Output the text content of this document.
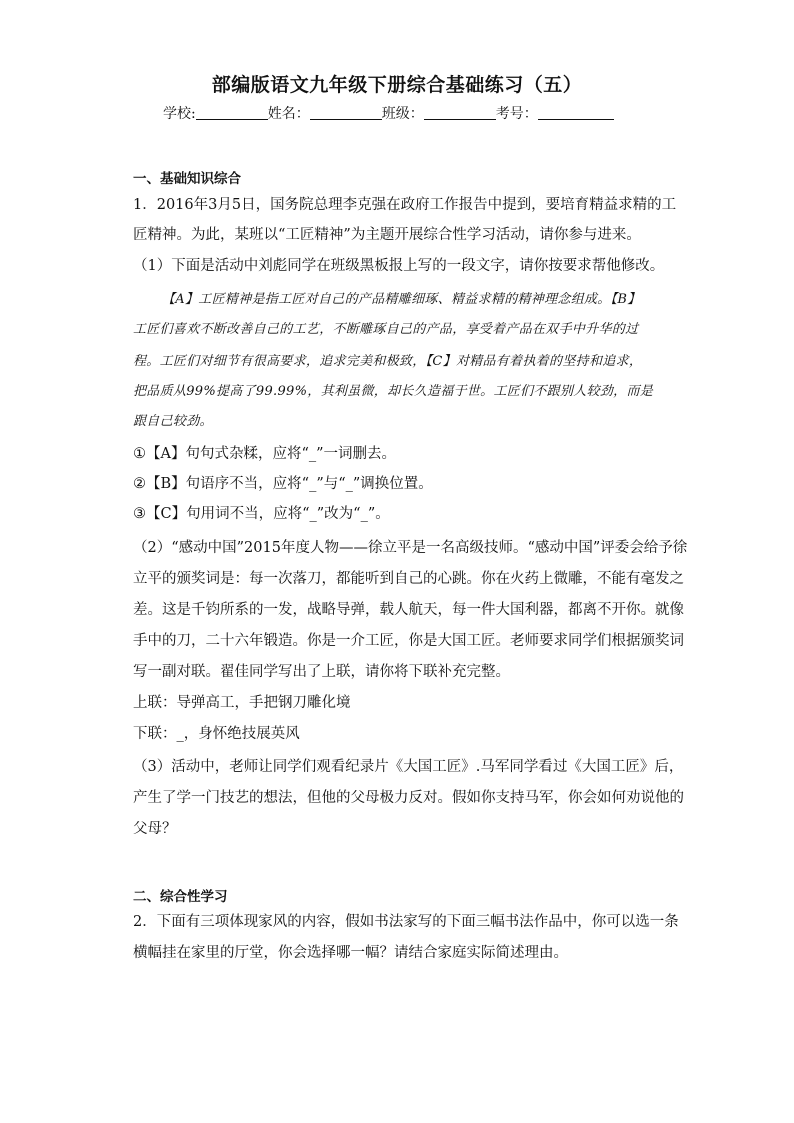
部编版语文九年级下册综合基础练习（五）
学校:	姓名：	班级：	考号：
一、基础知识综合
1．2016年3月5日，国务院总理李克强在政府工作报告中提到，要培育精益求精的工
匠精神。为此，某班以“工匠精神”为主题开展综合性学习活动，请你参与进来。
（1）下面是活动中刘彪同学在班级黑板报上写的一段文字，请你按要求帮他修改。
【A】工匠精神是指工匠对自己的产品精雕细琢、精益求精的精神理念组成。【B】
工匠们喜欢不断改善自己的工艺，不断雕琢自己的产品，享受着产品在双手中升华的过
程。工匠们对细节有很高要求，追求完美和极致，【C】对精品有着执着的坚持和追求，
把品质从99%提高了99.99%，其利虽微，却长久造福于世。工匠们不跟别人较劲，而是
跟自己较劲。
①【A】句句式杂糅，应将“_”一词删去。
②【B】句语序不当，应将“_”与“_”调换位置。
③【C】句用词不当，应将“_”改为“_”。
（2）“感动中国”2015年度人物——徐立平是一名高级技师。“感动中国”评委会给予徐
立平的颁奖词是：每一次落刀，都能听到自己的心跳。你在火药上微雕，不能有毫发之
差。这是千钧所系的一发，战略导弹，载人航天，每一件大国利器，都离不开你。就像
手中的刀，二十六年锻造。你是一介工匠，你是大国工匠。老师要求同学们根据颁奖词
写一副对联。翟佳同学写出了上联，请你将下联补充完整。
上联：导弹高工，手把钢刀雕化境
下联：_，身怀绝技展英风
（3）活动中，老师让同学们观看纪录片《大国工匠》.马军同学看过《大国工匠》后，
产生了学一门技艺的想法，但他的父母极力反对。假如你支持马军，你会如何劝说他的
父母？
二、综合性学习
2．下面有三项体现家风的内容，假如书法家写的下面三幅书法作品中，你可以选一条
横幅挂在家里的厅堂，你会选择哪一幅？请结合家庭实际简述理由。
